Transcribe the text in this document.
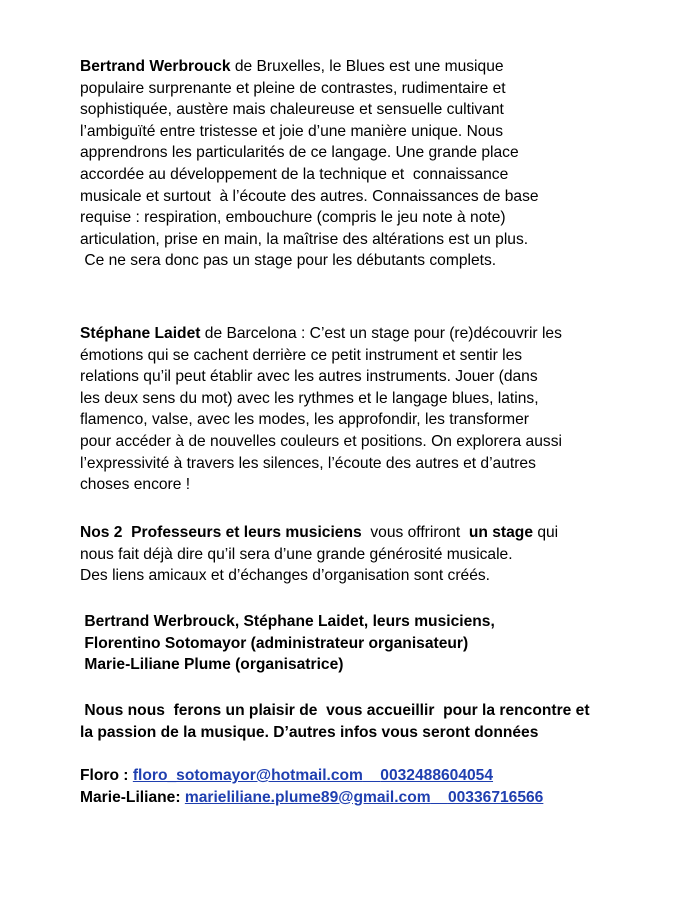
Bertrand Werbrouck de Bruxelles, le Blues est une musique
populaire surprenante et pleine de contrastes, rudimentaire et
sophistiquée, austère mais chaleureuse et sensuelle cultivant
l’ambiguïté entre tristesse et joie d’une manière unique. Nous
apprendrons les particularités de ce langage. Une grande place
accordée au développement de la technique et  connaissance
musicale et surtout  à l’écoute des autres. Connaissances de base
requise : respiration, embouchure (compris le jeu note à note)
articulation, prise en main, la maîtrise des altérations est un plus.
Ce ne sera donc pas un stage pour les débutants complets.
Stéphane Laidet de Barcelona : C’est un stage pour (re)découvrir les
émotions qui se cachent derrière ce petit instrument et sentir les
relations qu’il peut établir avec les autres instruments. Jouer (dans
les deux sens du mot) avec les rythmes et le langage blues, latins,
flamenco, valse, avec les modes, les approfondir, les transformer
pour accéder à de nouvelles couleurs et positions. On explorera aussi
l’expressivité à travers les silences, l’écoute des autres et d’autres
choses encore !
Nos 2  Professeurs et leurs musiciens  vous offriront  un stage qui
nous fait déjà dire qu’il sera d’une grande générosité musicale.
Des liens amicaux et d’échanges d’organisation sont créés.
Bertrand Werbrouck, Stéphane Laidet, leurs musiciens,
Florentino Sotomayor (administrateur organisateur)
Marie-Liliane Plume (organisatrice)
Nous nous  ferons un plaisir de  vous accueillir  pour la rencontre et
la passion de la musique. D’autres infos vous seront données
Floro : floro_sotomayor@hotmail.com 0032488604054
Marie-Liliane: marieliliane.plume89@gmail.com 00336716566
